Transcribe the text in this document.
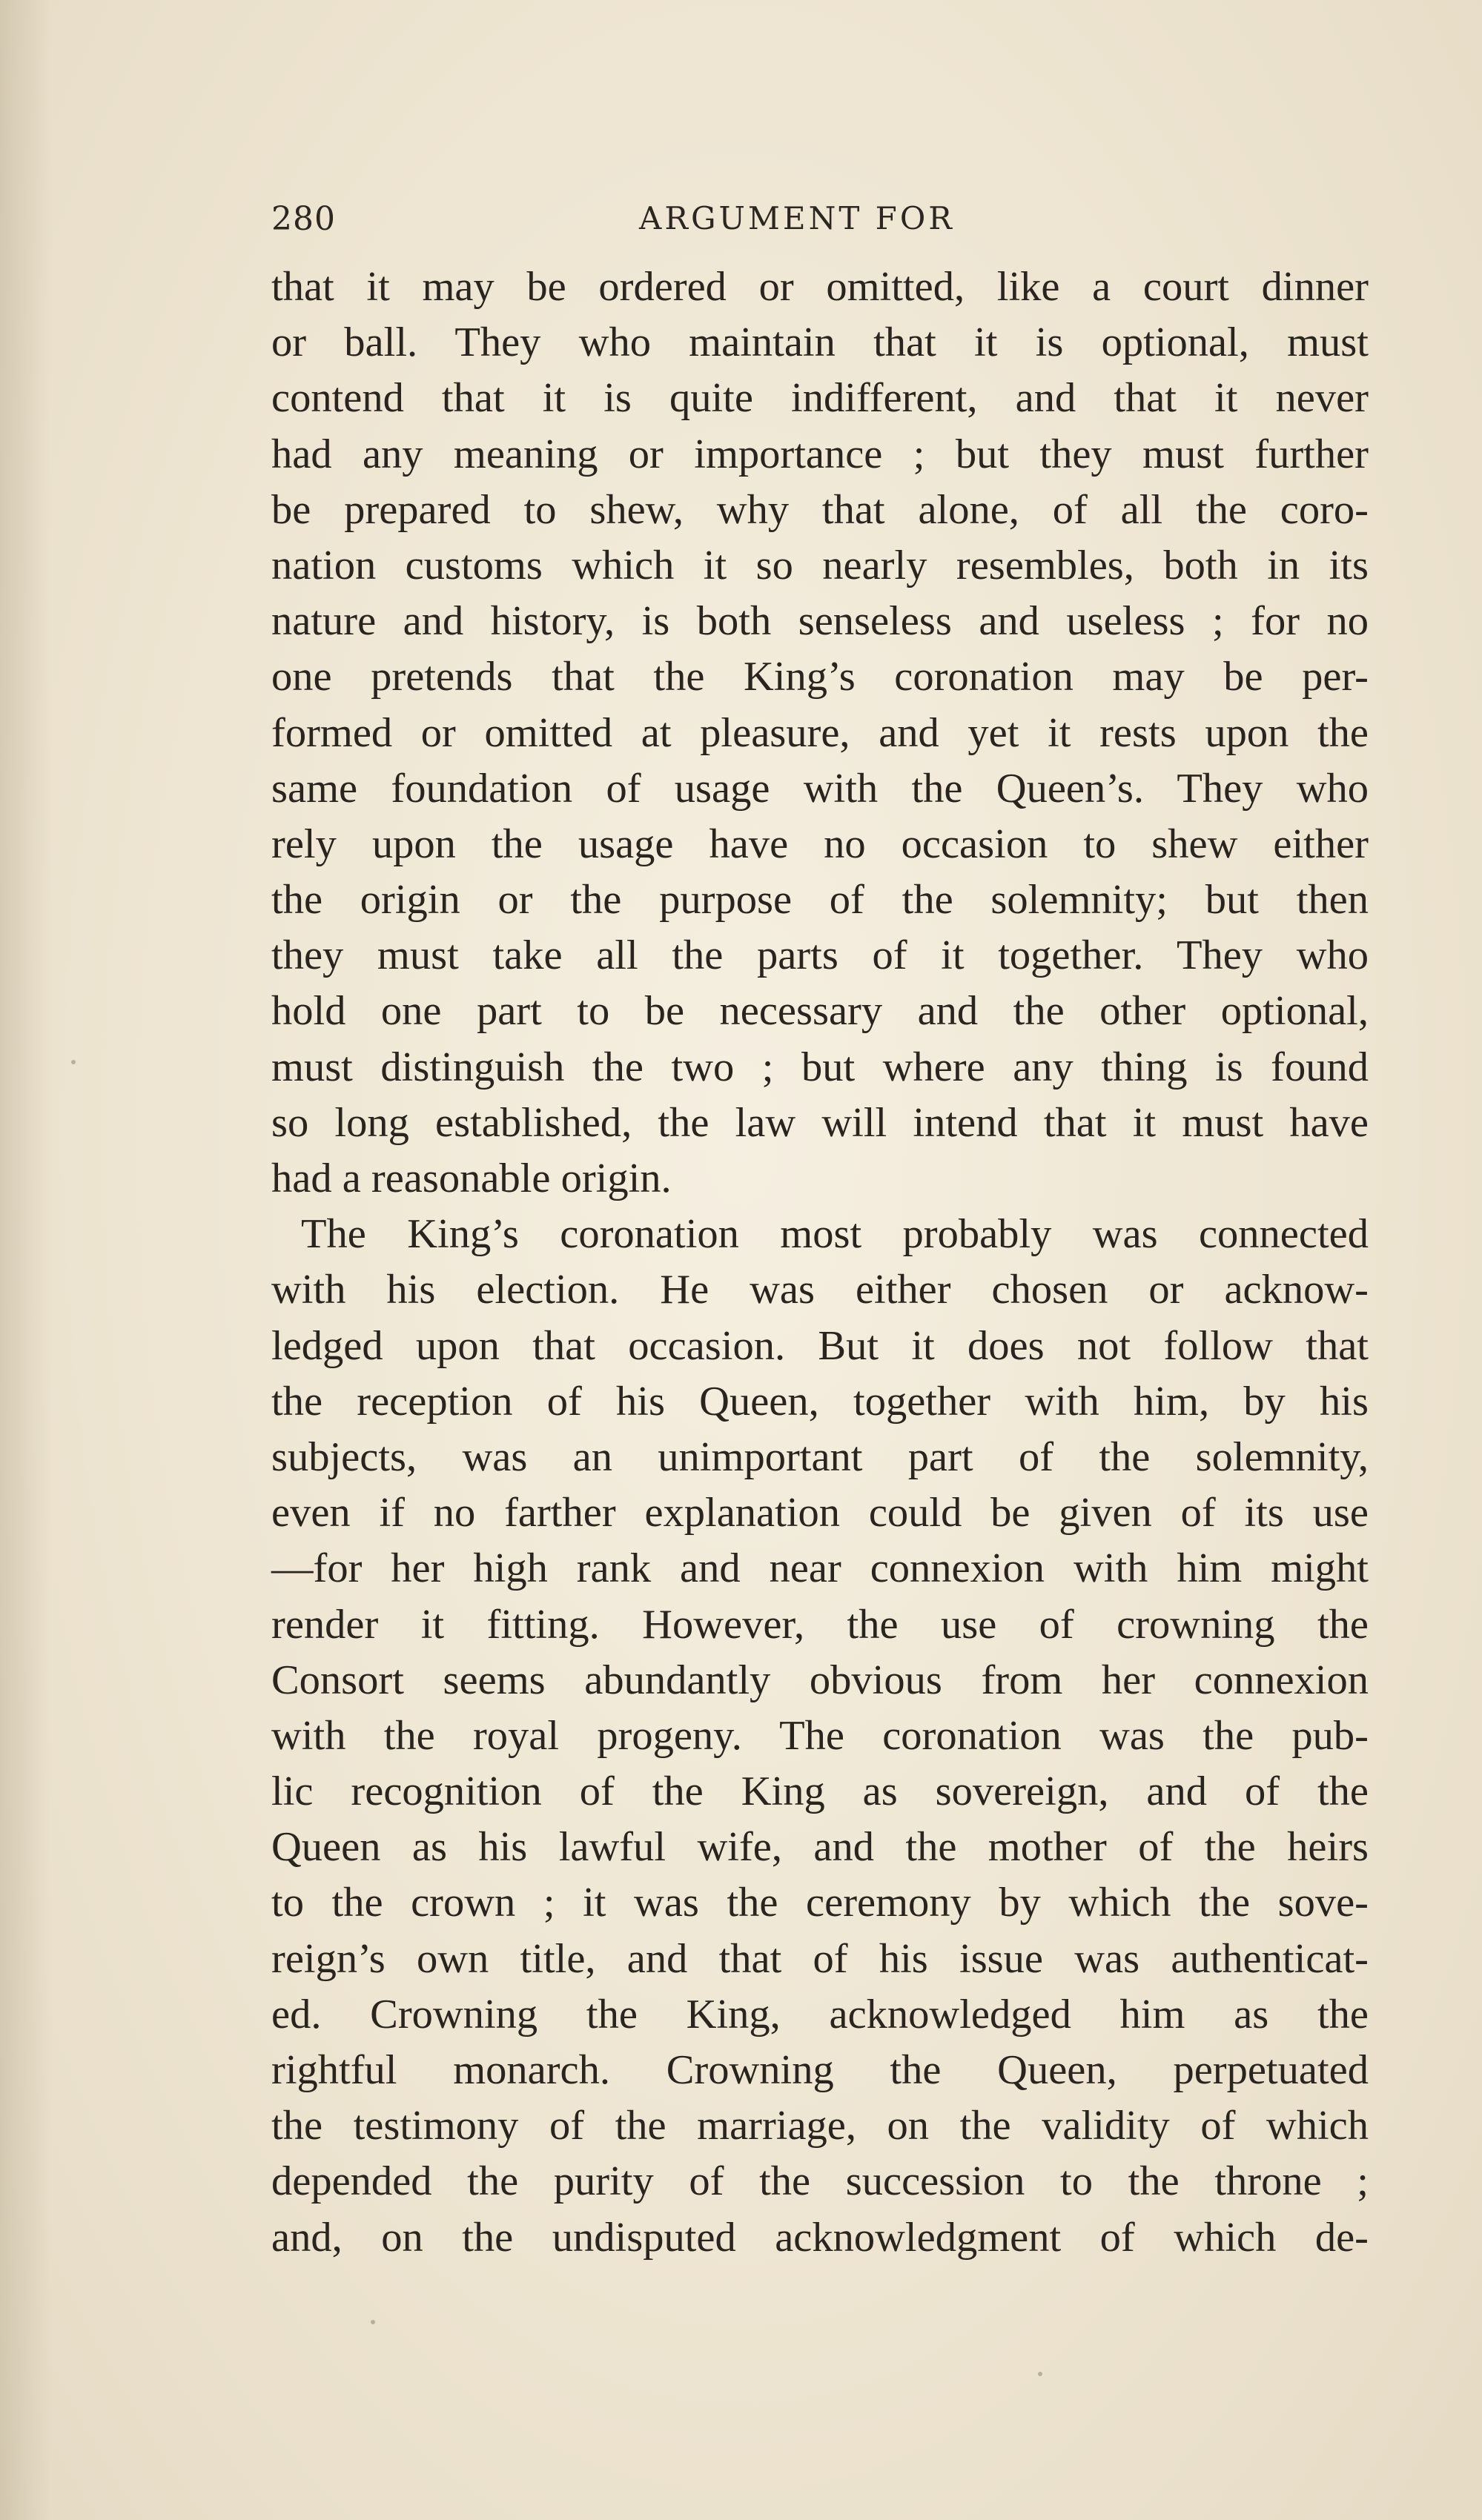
280	ARGUMENT FOR
that it may be ordered or omitted, like a court dinner
or ball. They who maintain that it is optional, must
contend that it is quite indifferent, and that it never
had any meaning or importance ; but they must further
be prepared to shew, why that alone, of all the coro-
nation customs which it so nearly resembles, both in its
nature and history, is both senseless and useless ; for no
one pretends that the King’s coronation may be per-
formed or omitted at pleasure, and yet it rests upon the
same foundation of usage with the Queen’s. They who
rely upon the usage have no occasion to shew either
the origin or the purpose of the solemnity; but then
they must take all the parts of it together. They who
hold one part to be necessary and the other optional,
must distinguish the two ; but where any thing is found
so long established, the law will intend that it must have
had a reasonable origin.
The King’s coronation most probably was connected
with his election. He was either chosen or acknow-
ledged upon that occasion. But it does not follow that
the reception of his Queen, together with him, by his
subjects, was an unimportant part of the solemnity,
even if no farther explanation could be given of its use
—for her high rank and near connexion with him might
render it fitting. However, the use of crowning the
Consort seems abundantly obvious from her connexion
with the royal progeny. The coronation was the pub-
lic recognition of the King as sovereign, and of the
Queen as his lawful wife, and the mother of the heirs
to the crown ; it was the ceremony by which the sove-
reign’s own title, and that of his issue was authenticat-
ed. Crowning the King, acknowledged him as the
rightful monarch. Crowning the Queen, perpetuated
the testimony of the marriage, on the validity of which
depended the purity of the succession to the throne ;
and, on the undisputed acknowledgment of which de-
